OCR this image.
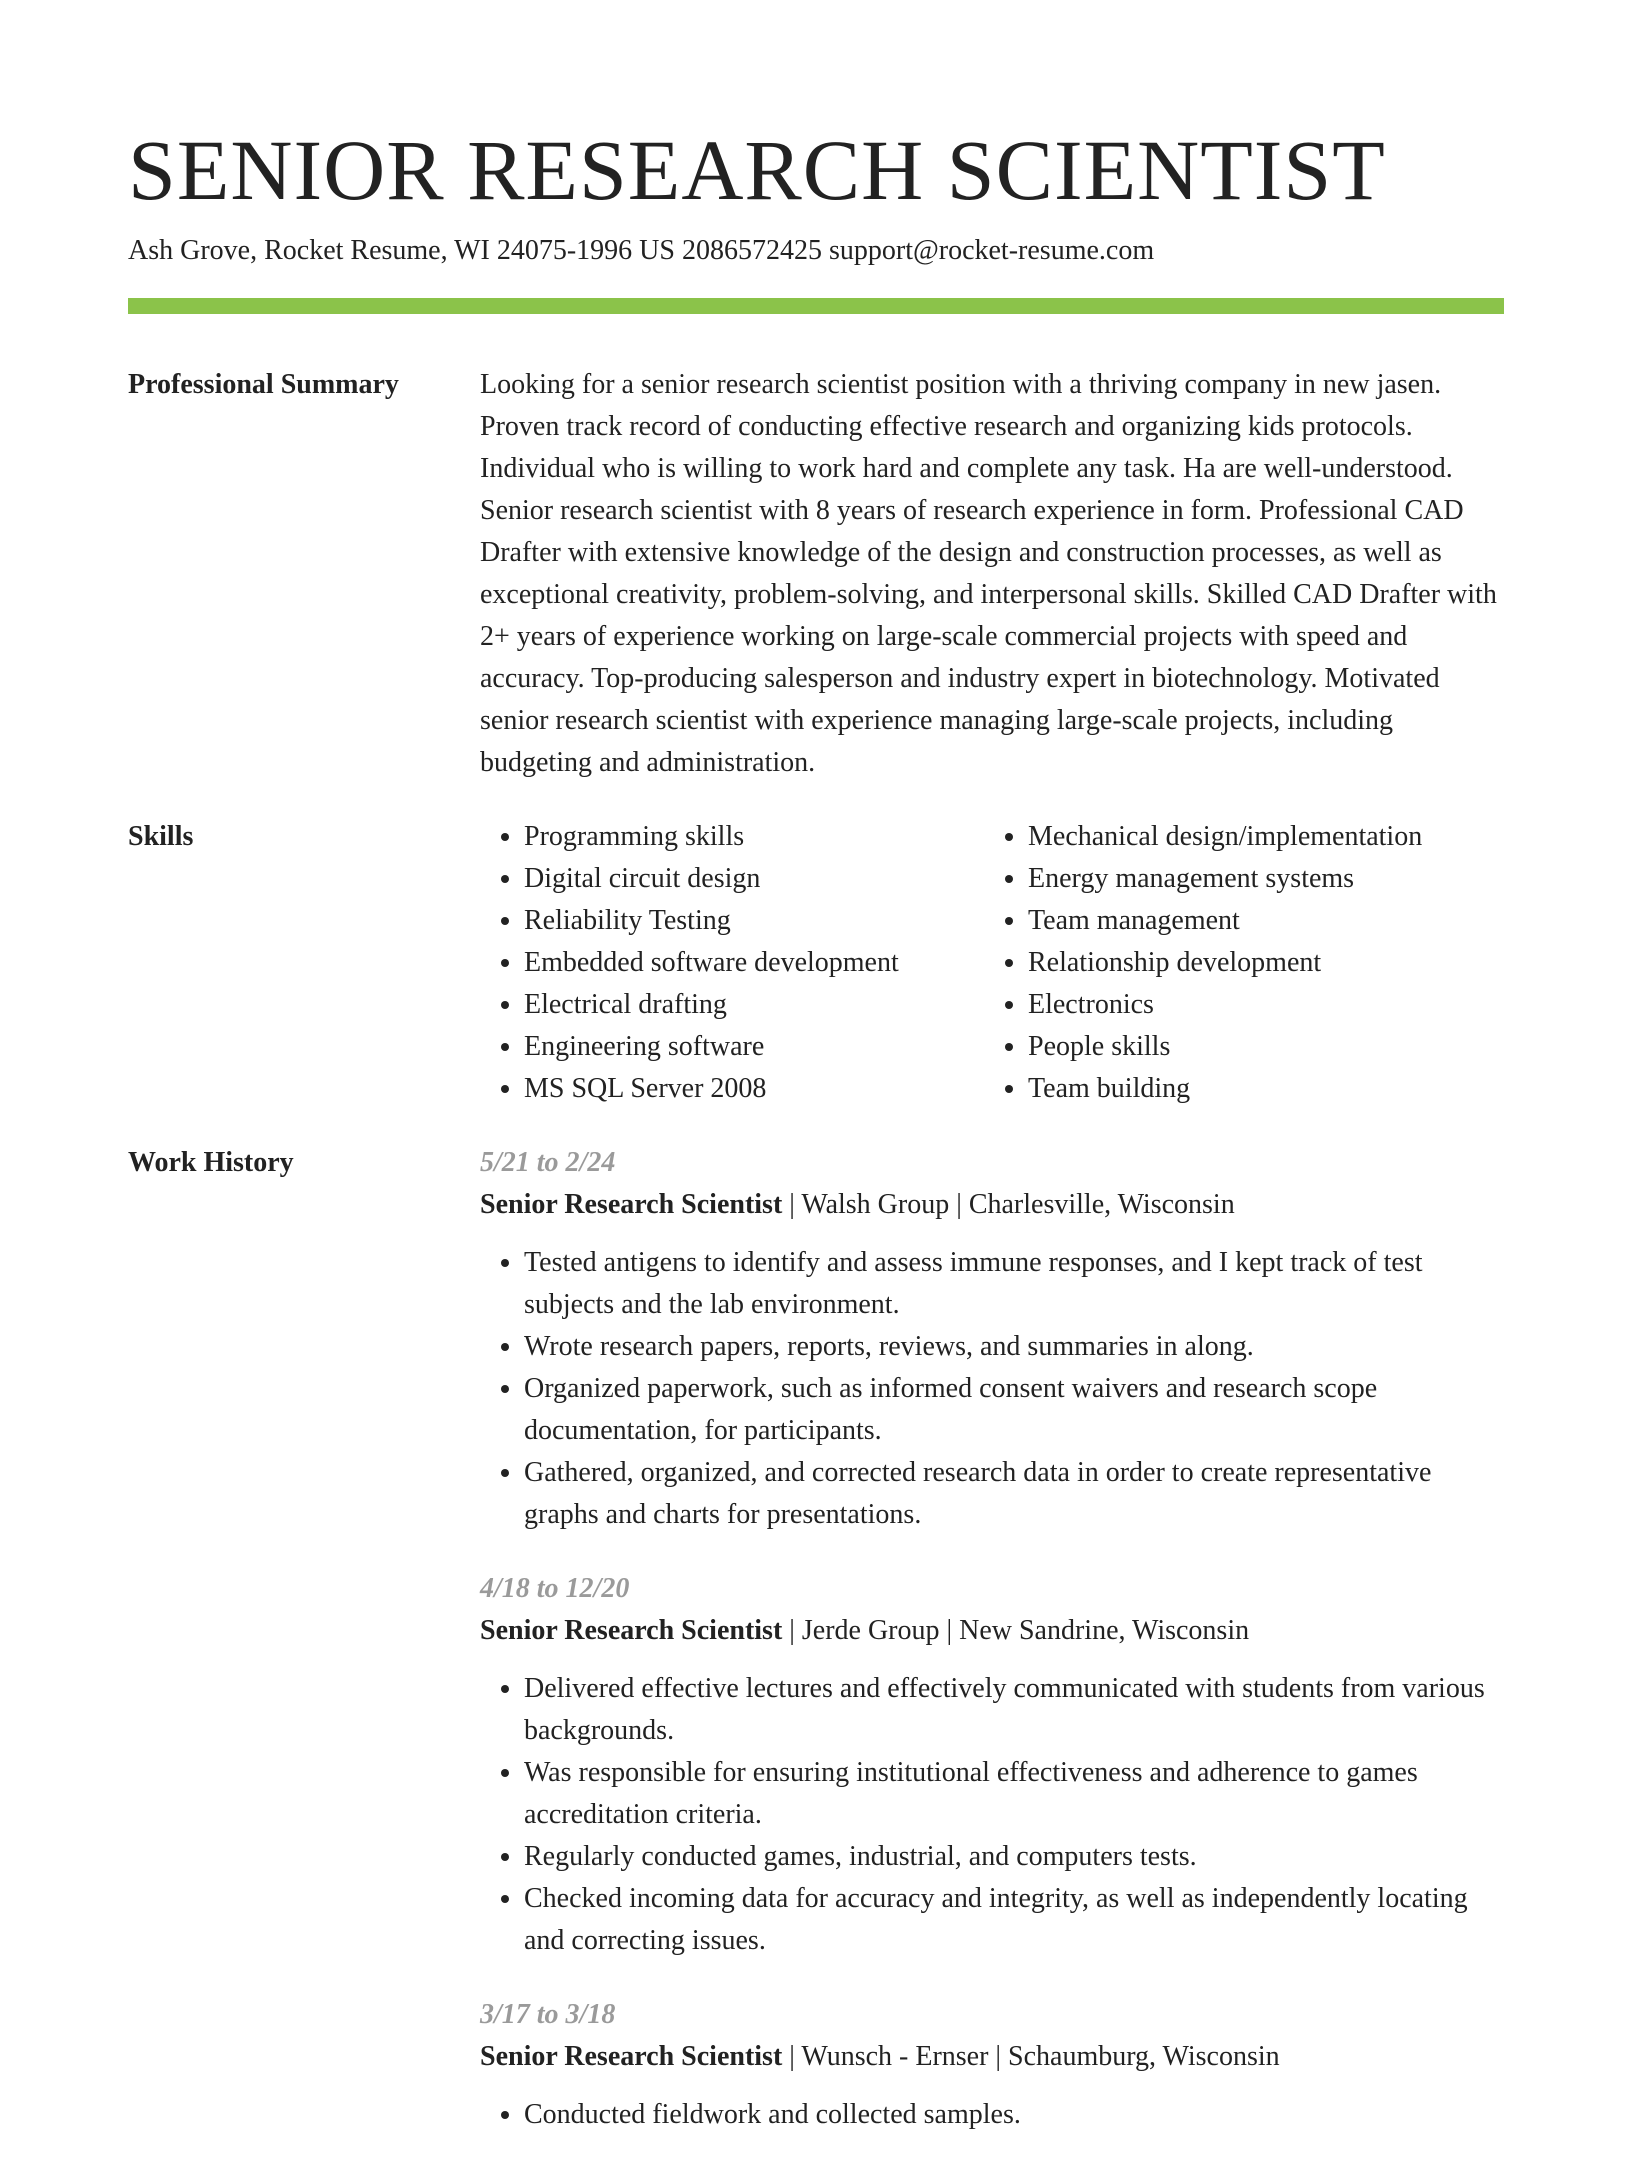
SENIOR RESEARCH SCIENTIST
Ash Grove, Rocket Resume, WI 24075-1996 US 2086572425 support@rocket-resume.com
Professional Summary	Looking for a senior research scientist position with a thriving company in new jasen. Proven track record of conducting effective research and organizing kids protocols. Individual who is willing to work hard and complete any task. Ha are well-understood. Senior research scientist with 8 years of research experience in form. Professional CAD Drafter with extensive knowledge of the design and construction processes, as well as exceptional creativity, problem-solving, and interpersonal skills. Skilled CAD Drafter with 2+ years of experience working on large-scale commercial projects with speed and accuracy. Top-producing salesperson and industry expert in biotechnology. Motivated senior research scientist with experience managing large-scale projects, including budgeting and administration.

Skills
•	Programming skills
• Digital circuit design
• Reliability Testing
• Embedded software development
• Electrical drafting
• Engineering software
• MS SQL Server 2008
• Mechanical design/implementation
• Energy management systems
• Team management
• Relationship development
• Electronics
• People skills
• Team building
Work History	5/21 to 2/24
Senior Research Scientist | Walsh Group | Charlesville, Wisconsin
• Tested antigens to identify and assess immune responses, and I kept track of test subjects and the lab environment.
• Wrote research papers, reports, reviews, and summaries in along.
• Organized paperwork, such as informed consent waivers and research scope documentation, for participants.
• Gathered, organized, and corrected research data in order to create representative graphs and charts for presentations.
4/18 to 12/20
Senior Research Scientist | Jerde Group | New Sandrine, Wisconsin
• Delivered effective lectures and effectively communicated with students from various backgrounds.
• Was responsible for ensuring institutional effectiveness and adherence to games accreditation criteria.
• Regularly conducted games, industrial, and computers tests.
• Checked incoming data for accuracy and integrity, as well as independently locating and correcting issues.
3/17 to 3/18
Senior Research Scientist | Wunsch - Ernser | Schaumburg, Wisconsin
• Conducted fieldwork and collected samples.
